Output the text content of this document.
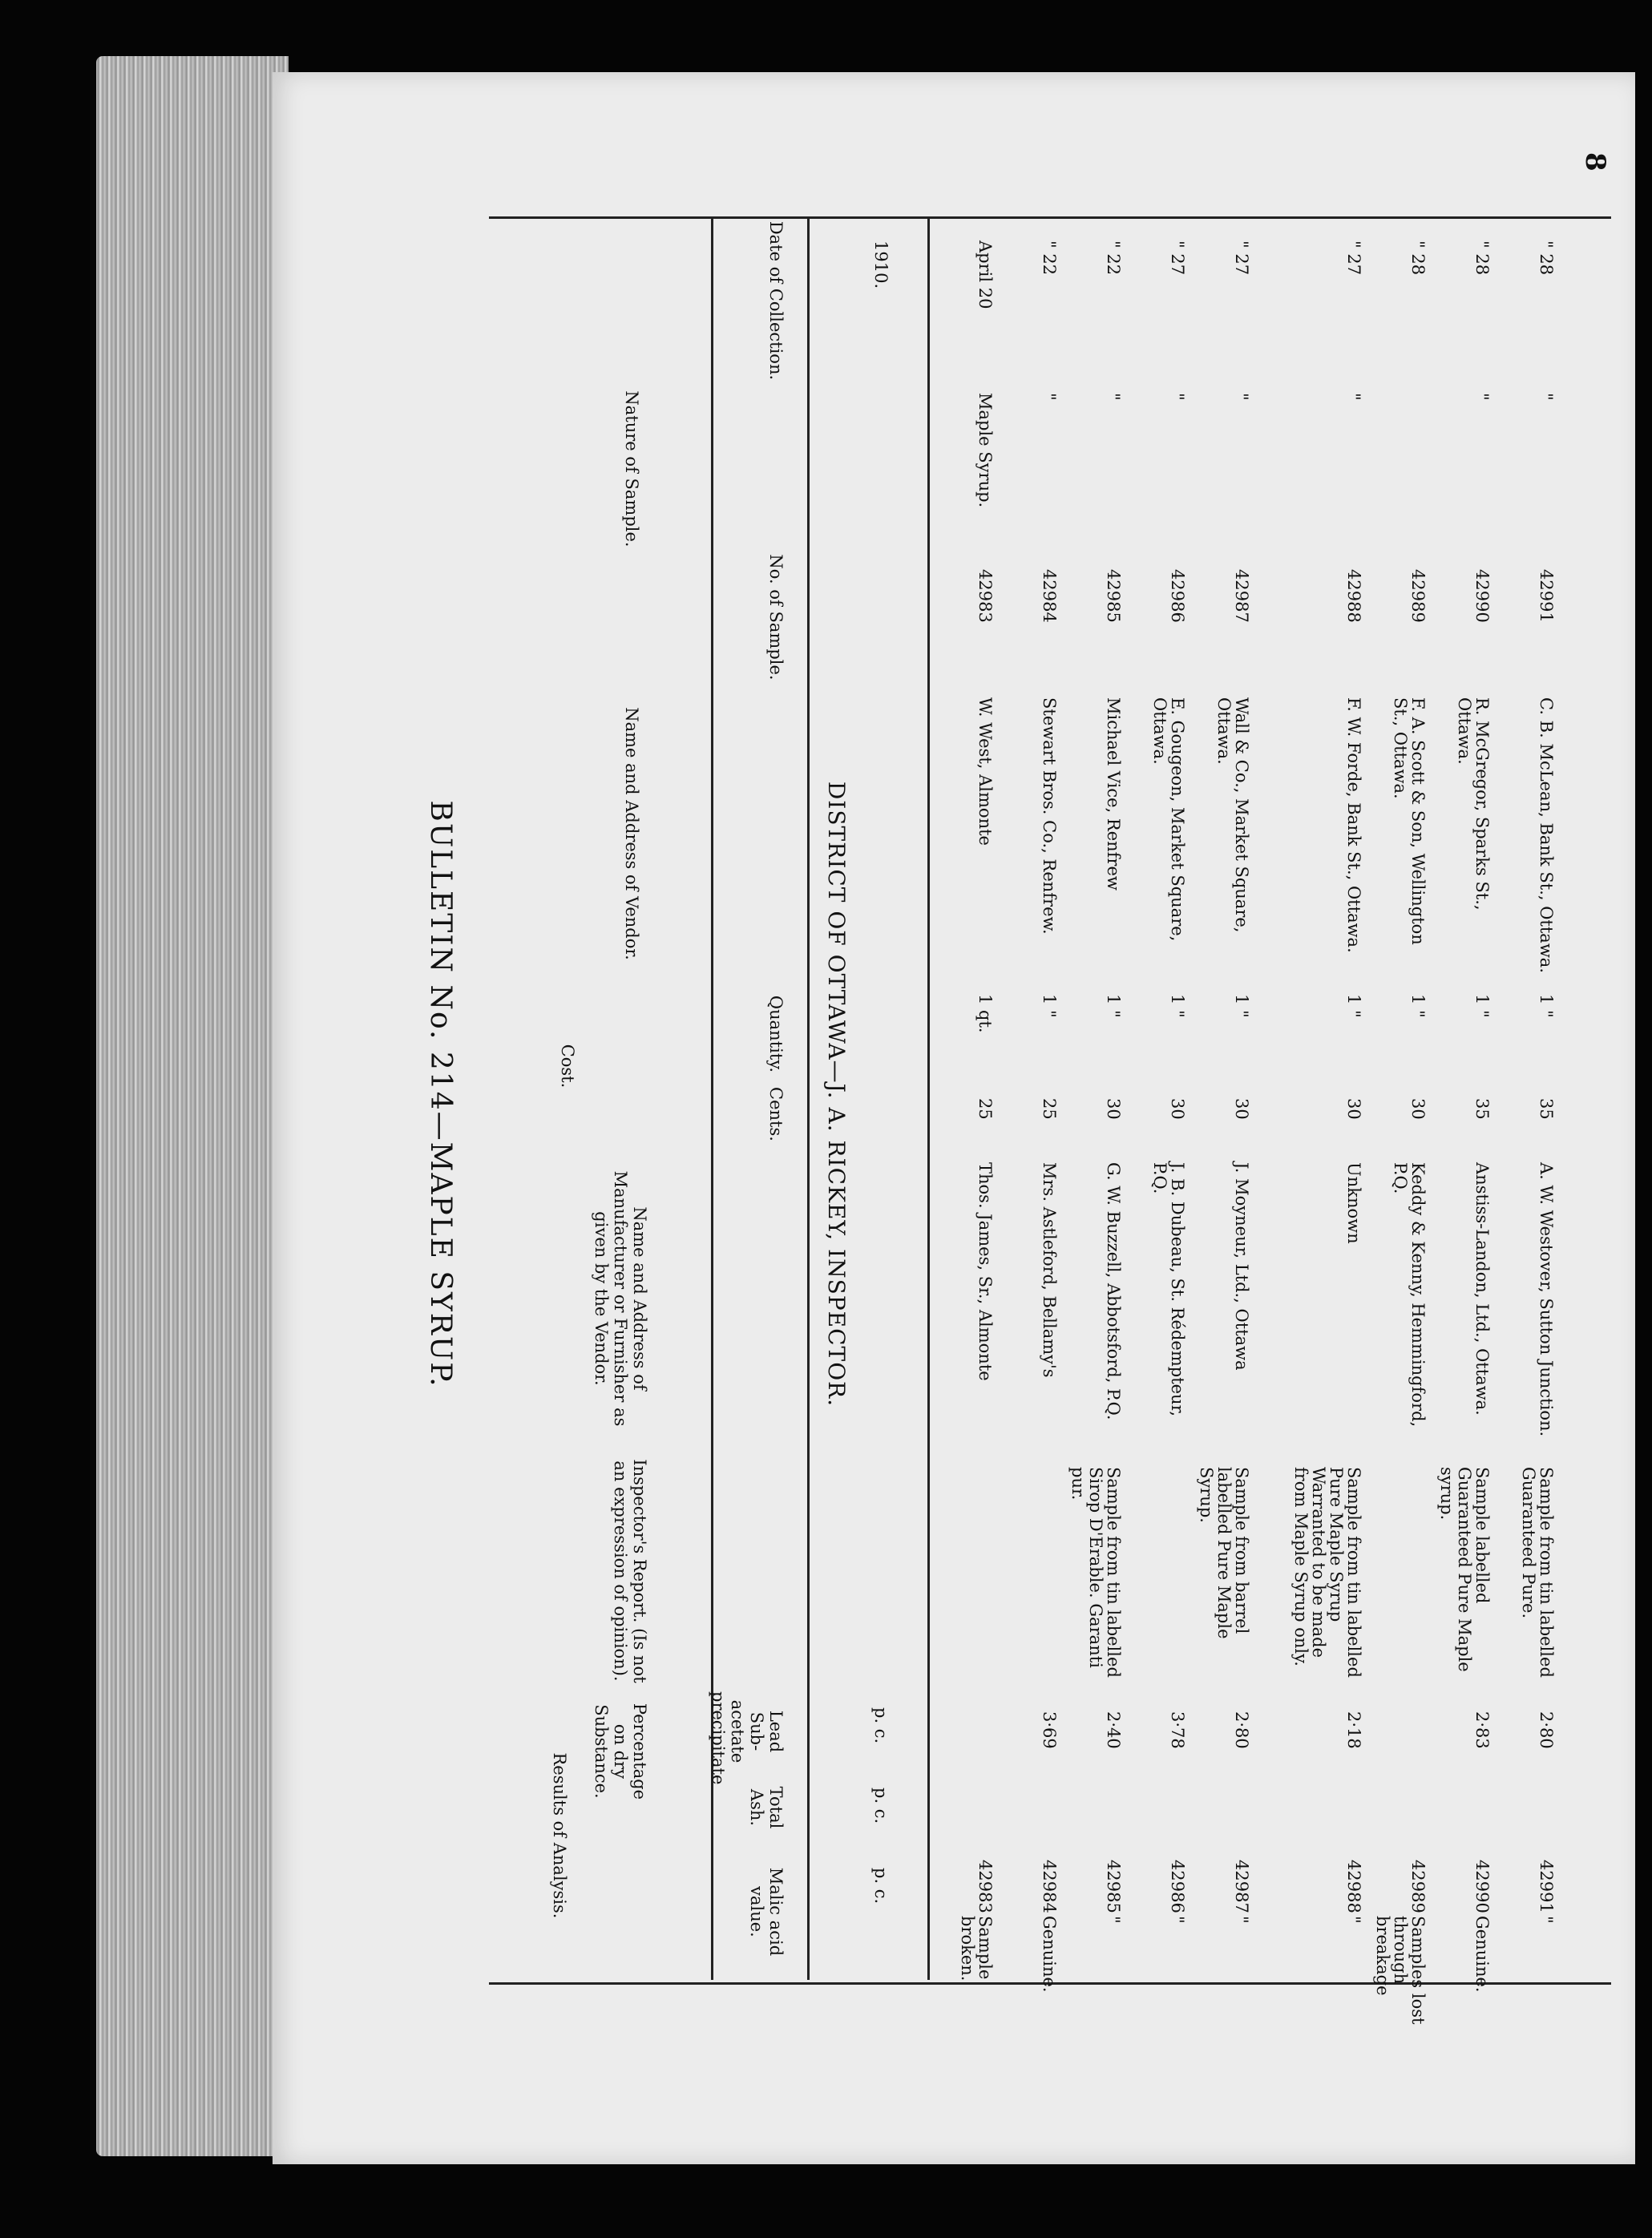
8
BULLETIN No. 214—MAPLE SYRUP.
Date of Collection.
Nature of Sample.
No. of Sample.
Name and Address of Vendor.
Cost.	Quantity.
Cents.
Name and Address of Manufacturer or Furnisher as given by the Vendor.
Inspector's Report. (Is not an expression of opinion).
Results of Analysis.
Percentage on dry Substance.	Lead Sub-acetate precipitate
Total Ash.
Malic acid value.
DISTRICT OF OTTAWA—J. A. RICKEY, INSPECTOR.
1910.
p. c.
p. c.
p. c.
April 20
Maple Syrup.
42983
W. West, Almonte
1 qt.
25
Thos. James, Sr., Almonte
42983
Sample broken.
" 22
"
42984
Stewart Bros. Co., Renfrew.
1 "
25
Mrs. Astleford, Bellamy's
3·69
42984
Genuine.
" 22
"
42985
Michael Vice, Renfrew
1 "
30
G. W. Buzzell, Abbotsford, P.Q.
Sample from tin labelled Sirop D'Erable. Garanti pur.
2·40
42985
"
" 27
"
42986
E. Gougeon, Market Square, Ottawa.
1 "
30
J. B. Dubeau, St. Rédempteur, P.Q.
3·78
42986
"
" 27
"
42987
Wall & Co., Market Square, Ottawa.
1 "
30
J. Moyneur, Ltd., Ottawa
Sample from barrel labelled Pure Maple Syrup.
2·80
42987
"
" 27
"
42988
F. W. Forde, Bank St., Ottawa.
1 "
30
Unknown
Sample from tin labelled Pure Maple Syrup Warranted to be made from Maple Syrup only.
2·18
42988
"
" 28
42989
F. A. Scott & Son, Wellington St., Ottawa.
1 "
30
Keddy & Kenny, Hemmingford, P.Q.
42989
Samples lost through breakage
" 28
"
42990
R. McGregor, Sparks St., Ottawa.
1 "
35
Anstiss-Landon, Ltd., Ottawa.
Sample labelled Guaranteed Pure Maple syrup.
2·83
42990
Genuine.
" 28
"
42991
C. B. McLean, Bank St., Ottawa.
1 "
35
A. W. Westover, Sutton Junction.
Sample from tin labelled Guaranteed Pure.
2·80
42991
"
